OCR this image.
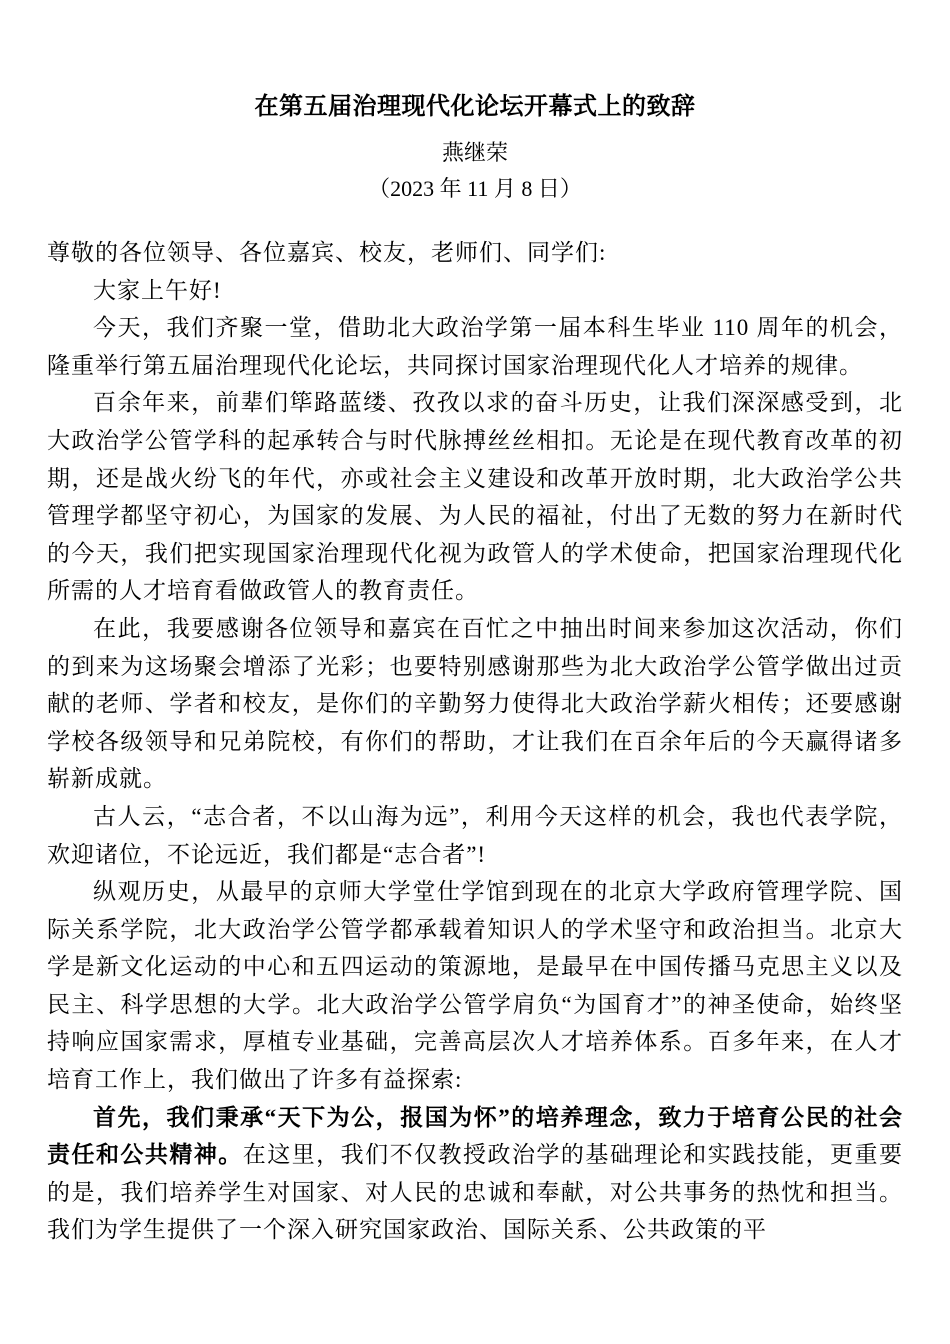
在第五届治理现代化论坛开幕式上的致辞
燕继荣
（2023 年 11 月 8 日）

尊敬的各位领导、各位嘉宾、校友，老师们、同学们:

大家上午好!

今天，我们齐聚一堂，借助北大政治学第一届本科生毕业 110 周年的机会，隆重举行第五届治理现代化论坛，共同探讨国家治理现代化人才培养的规律。

百余年来，前辈们筚路蓝缕、孜孜以求的奋斗历史，让我们深深感受到，北大政治学公管学科的起承转合与时代脉搏丝丝相扣。无论是在现代教育改革的初期，还是战火纷飞的年代，亦或社会主义建设和改革开放时期，北大政治学公共管理学都坚守初心，为国家的发展、为人民的福祉，付出了无数的努力在新时代的今天，我们把实现国家治理现代化视为政管人的学术使命，把国家治理现代化所需的人才培育看做政管人的教育责任。

在此，我要感谢各位领导和嘉宾在百忙之中抽出时间来参加这次活动，你们的到来为这场聚会增添了光彩；也要特别感谢那些为北大政治学公管学做出过贡献的老师、学者和校友，是你们的辛勤努力使得北大政治学薪火相传；还要感谢学校各级领导和兄弟院校，有你们的帮助，才让我们在百余年后的今天赢得诸多崭新成就。

古人云，“志合者，不以山海为远”，利用今天这样的机会，我也代表学院，欢迎诸位，不论远近，我们都是“志合者”!

纵观历史，从最早的京师大学堂仕学馆到现在的北京大学政府管理学院、国际关系学院，北大政治学公管学都承载着知识人的学术坚守和政治担当。北京大学是新文化运动的中心和五四运动的策源地，是最早在中国传播马克思主义以及民主、科学思想的大学。北大政治学公管学肩负“为国育才”的神圣使命，始终坚持响应国家需求，厚植专业基础，完善高层次人才培养体系。百多年来，在人才培育工作上，我们做出了许多有益探索:

首先，我们秉承“天下为公，报国为怀”的培养理念，致力于培育公民的社会责任和公共精神。在这里，我们不仅教授政治学的基础理论和实践技能，更重要的是，我们培养学生对国家、对人民的忠诚和奉献，对公共事务的热忱和担当。我们为学生提供了一个深入研究国家政治、国际关系、公共政策的平
